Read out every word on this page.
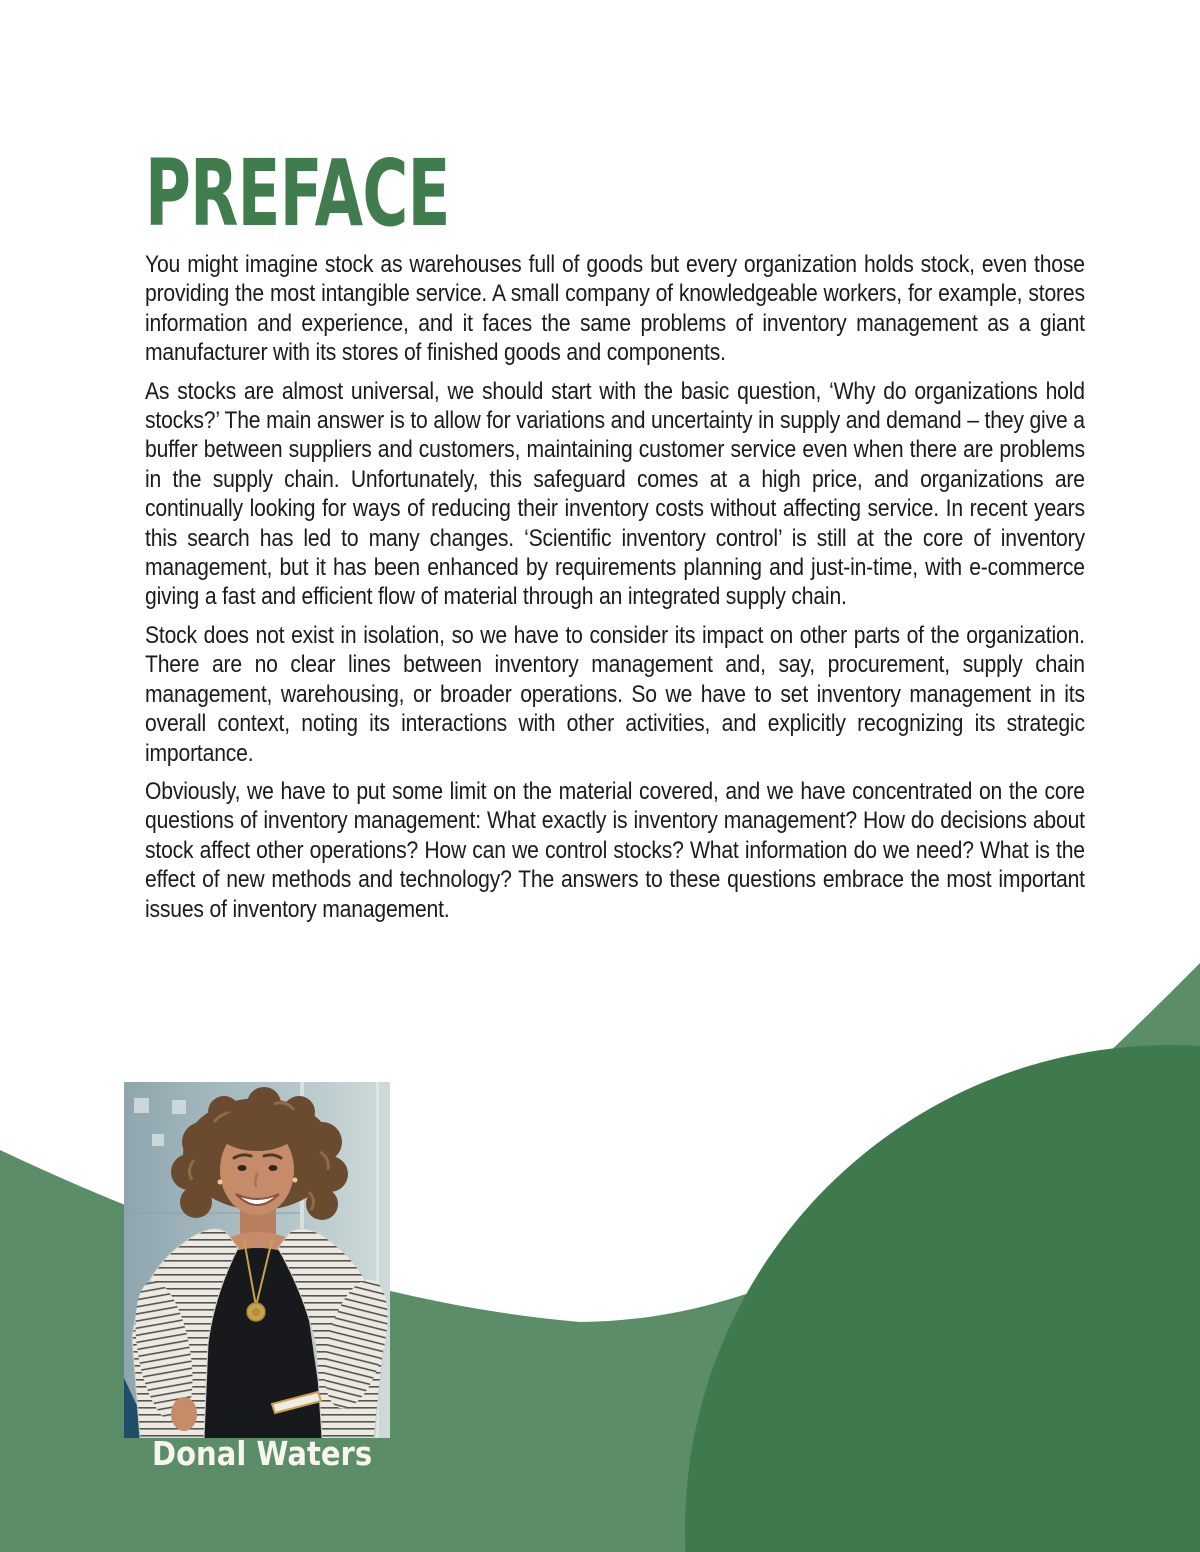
PREFACE

You might imagine stock as warehouses full of goods but every organization holds stock, even those providing the most intangible service. A small company of knowledgeable workers, for example, stores information and experience, and it faces the same problems of inventory management as a giant manufacturer with its stores of finished goods and components.

As stocks are almost universal, we should start with the basic question, ‘Why do organizations hold stocks?’ The main answer is to allow for variations and uncertainty in supply and demand – they give a buffer between suppliers and customers, maintaining customer service even when there are problems in the supply chain. Unfortunately, this safeguard comes at a high price, and organizations are continually looking for ways of reducing their inventory costs without affecting service. In recent years this search has led to many changes. ‘Scientific inventory control’ is still at the core of inventory management, but it has been enhanced by requirements planning and just-in-time, with e-commerce giving a fast and efficient flow of material through an integrated supply chain.

Stock does not exist in isolation, so we have to consider its impact on other parts of the organization. There are no clear lines between inventory management and, say, procurement, supply chain management, warehousing, or broader operations. So we have to set inventory management in its overall context, noting its interactions with other activities, and explicitly recognizing its strategic importance.

Obviously, we have to put some limit on the material covered, and we have concentrated on the core questions of inventory management: What exactly is inventory management? How do decisions about stock affect other operations? How can we control stocks? What information do we need? What is the effect of new methods and technology? The answers to these questions embrace the most important issues of inventory management.

Donal Waters
